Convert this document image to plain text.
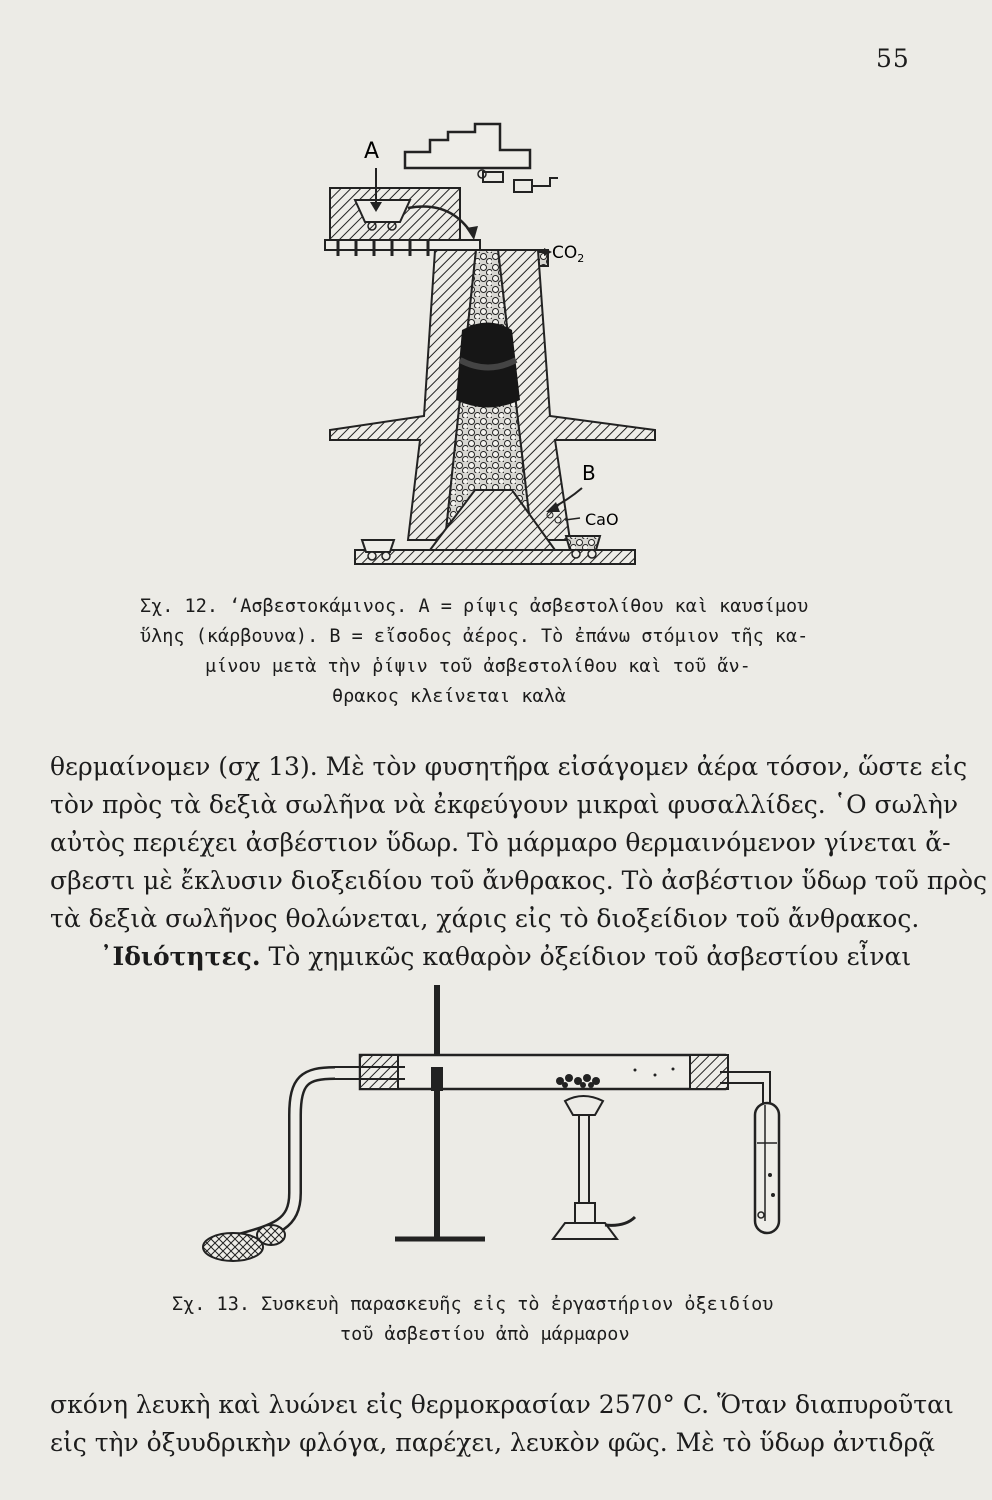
55
A
$CO_2$
B
CaO
Σχ. 12. ‘Ασβεστοκάμινος. Α = ρίψις ἀσβεστολίθου καὶ καυσίμου
ὕλης (κάρβουνα). Β = εἴσοδος ἀέρος. Τὸ ἐπάνω στόμιον τῆς κα-
μίνου μετὰ τὴν ῥίψιν τοῦ ἀσβεστολίθου καὶ τοῦ ἄν-
θρακος κλείνεται καλὰ
θερμαίνομεν (σχ 13). Μὲ τὸν φυσητῆρα εἰσάγομεν ἀέρα τόσον, ὥστε εἰς
τὸν πρὸς τὰ δεξιὰ σωλῆνα νὰ ἐκφεύγουν μικραὶ φυσαλλίδες. ῾Ο σωλὴν
αὐτὸς περιέχει ἀσβέστιον ὕδωρ. Τὸ μάρμαρο θερμαινόμενον γίνεται ἄ-
σβεστι μὲ ἔκλυσιν διοξειδίου τοῦ ἄνθρακος. Τὸ ἀσβέστιον ὕδωρ τοῦ πρὸς
τὰ δεξιὰ σωλῆνος θολώνεται, χάρις εἰς τὸ διοξείδιον τοῦ ἄνθρακος.
᾿Ιδιότητες. Τὸ χημικῶς καθαρὸν ὀξείδιον τοῦ ἀσβεστίου εἶναι
Σχ. 13. Συσκευὴ παρασκευῆς εἰς τὸ ἐργαστήριον ὀξειδίου
τοῦ ἀσβεστίου ἀπὸ μάρμαρον
σκόνη λευκὴ καὶ λυώνει εἰς θερμοκρασίαν 2570° C. Ὅταν διαπυροῦται
εἰς τὴν ὀξυυδρικὴν φλόγα, παρέχει, λευκὸν φῶς. Μὲ τὸ ὕδωρ ἀντιδρᾷ
